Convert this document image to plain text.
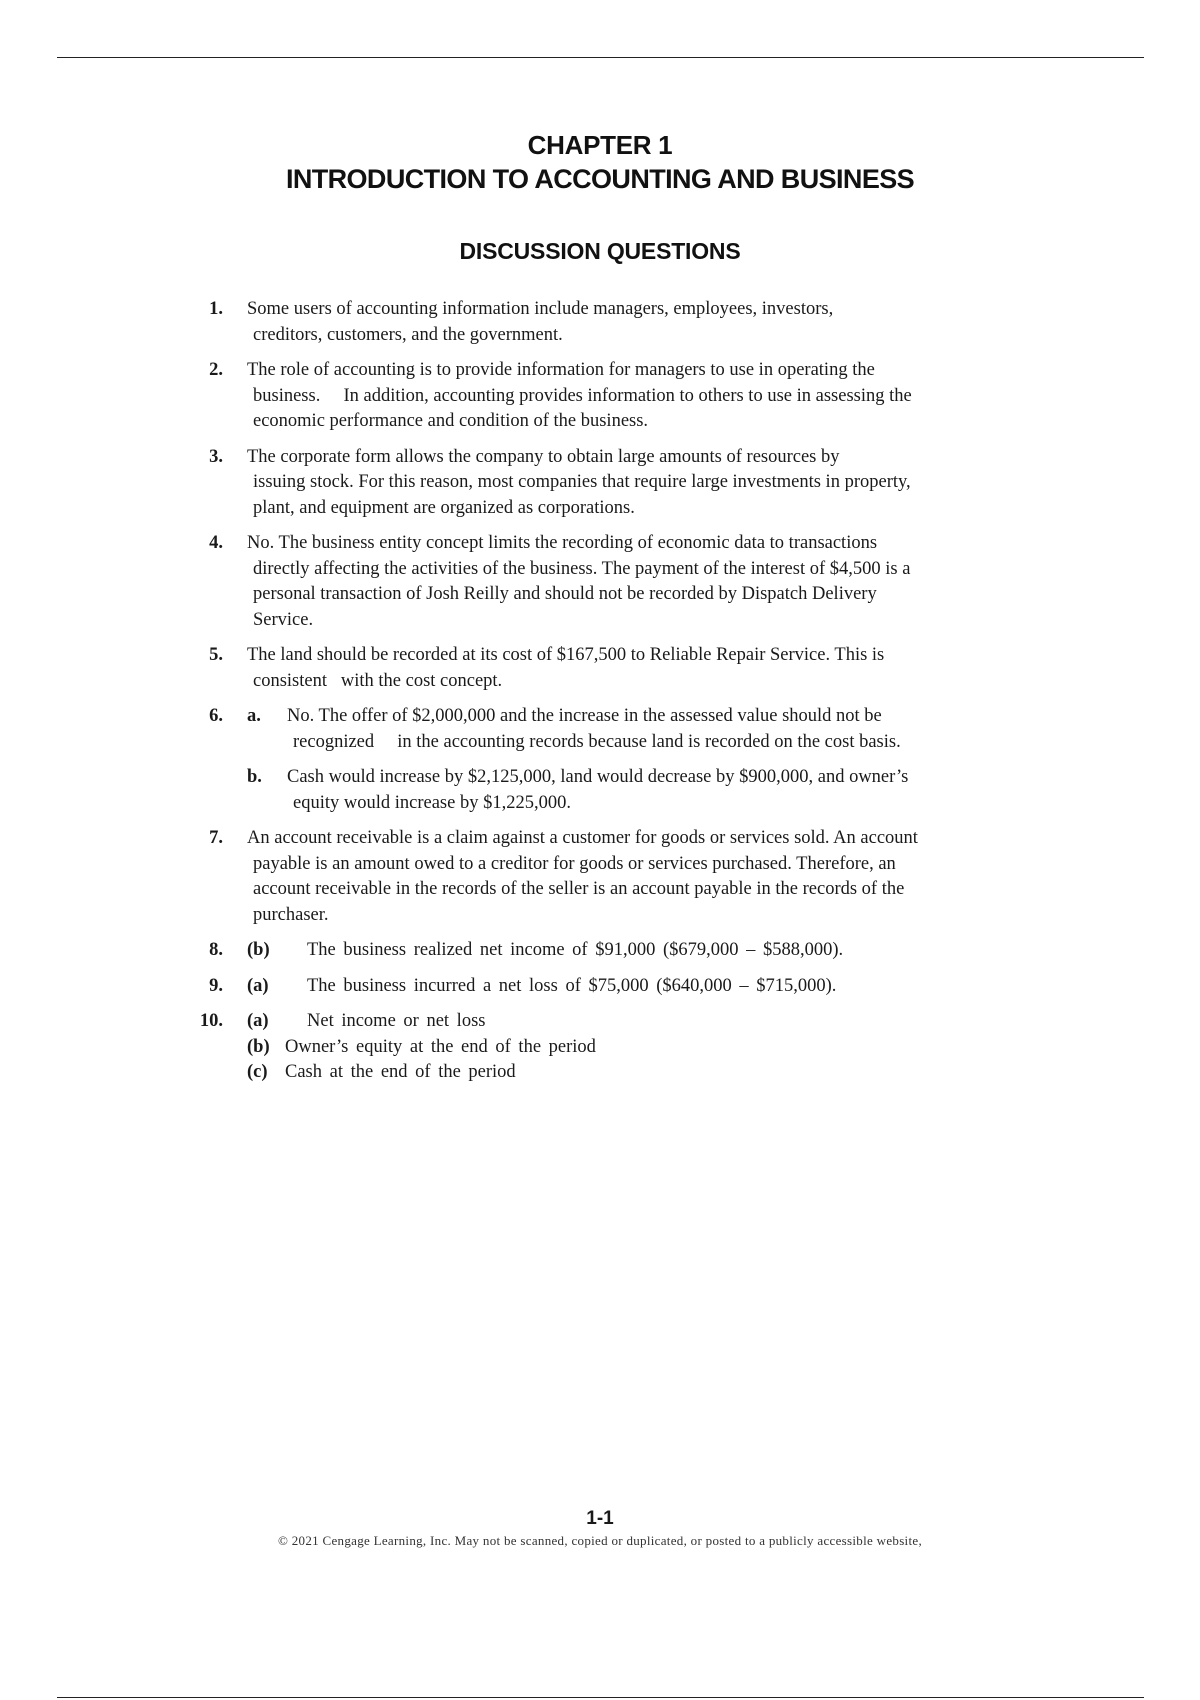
CHAPTER 1
INTRODUCTION TO ACCOUNTING AND BUSINESS
DISCUSSION QUESTIONS
1. Some users of accounting information include managers, employees, investors,
creditors, customers, and the government.
2. The role of accounting is to provide information for managers to use in operating the
business.     In addition, accounting provides information to others to use in assessing the
economic performance and condition of the business.
3. The corporate form allows the company to obtain large amounts of resources by
issuing stock. For this reason, most companies that require large investments in property,
plant, and equipment are organized as corporations.
4. No. The business entity concept limits the recording of economic data to transactions
directly affecting the activities of the business. The payment of the interest of $4,500 is a
personal transaction of Josh Reilly and should not be recorded by Dispatch Delivery
Service.
5. The land should be recorded at its cost of $167,500 to Reliable Repair Service. This is
consistent   with the cost concept.
6. a. No. The offer of $2,000,000 and the increase in the assessed value should not be
recognized     in the accounting records because land is recorded on the cost basis.
b. Cash would increase by $2,125,000, land would decrease by $900,000, and owner’s
equity would increase by $1,225,000.
7. An account receivable is a claim against a customer for goods or services sold. An account
payable is an amount owed to a creditor for goods or services purchased. Therefore, an
account receivable in the records of the seller is an account payable in the records of the
purchaser.
8. (b) The business realized net income of $91,000 ($679,000 – $588,000).
9. (a) The business incurred a net loss of $75,000 ($640,000 – $715,000).
10. (a) Net income or net loss
(b) Owner’s equity at the end of the period
(c) Cash at the end of the period
1-1
© 2021 Cengage Learning, Inc. May not be scanned, copied or duplicated, or posted to a publicly accessible website,
